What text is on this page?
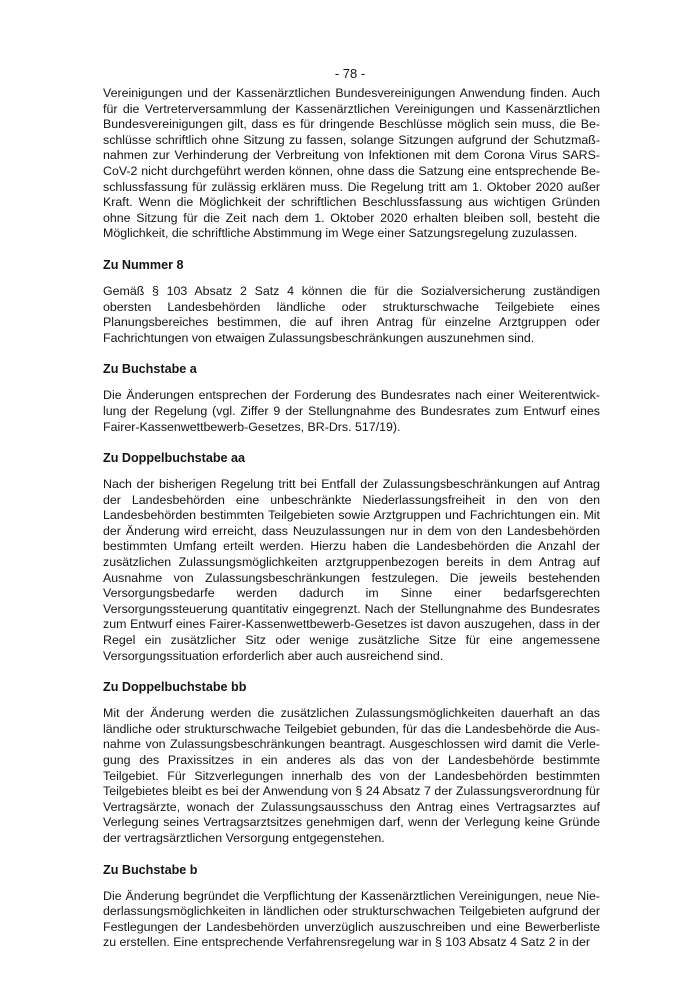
- 78 -

Vereinigungen und der Kassenärztlichen Bundesvereinigungen Anwendung finden. Auch für die Vertreterversammlung der Kassenärztlichen Vereinigungen und Kassenärztlichen Bundesvereinigungen gilt, dass es für dringende Beschlüsse möglich sein muss, die Beschlüsse schriftlich ohne Sitzung zu fassen, solange Sitzungen aufgrund der Schutzmaßnahmen zur Verhinderung der Verbreitung von Infektionen mit dem Corona Virus SARS-CoV-2 nicht durchgeführt werden können, ohne dass die Satzung eine entsprechende Beschlussfassung für zulässig erklären muss. Die Regelung tritt am 1. Oktober 2020 außer Kraft. Wenn die Möglichkeit der schriftlichen Beschlussfassung aus wichtigen Gründen ohne Sitzung für die Zeit nach dem 1. Oktober 2020 erhalten bleiben soll, besteht die Möglichkeit, die schriftliche Abstimmung im Wege einer Satzungsregelung zuzulassen.

Zu Nummer 8

Gemäß § 103 Absatz 2 Satz 4 können die für die Sozialversicherung zuständigen obersten Landesbehörden ländliche oder strukturschwache Teilgebiete eines Planungsbereiches bestimmen, die auf ihren Antrag für einzelne Arztgruppen oder Fachrichtungen von etwaigen Zulassungsbeschränkungen auszunehmen sind.

Zu Buchstabe a

Die Änderungen entsprechen der Forderung des Bundesrates nach einer Weiterentwicklung der Regelung (vgl. Ziffer 9 der Stellungnahme des Bundesrates zum Entwurf eines Fairer-Kassenwettbewerb-Gesetzes, BR-Drs. 517/19).

Zu Doppelbuchstabe aa

Nach der bisherigen Regelung tritt bei Entfall der Zulassungsbeschränkungen auf Antrag der Landesbehörden eine unbeschränkte Niederlassungsfreiheit in den von den Landesbehörden bestimmten Teilgebieten sowie Arztgruppen und Fachrichtungen ein. Mit der Änderung wird erreicht, dass Neuzulassungen nur in dem von den Landesbehörden bestimmten Umfang erteilt werden. Hierzu haben die Landesbehörden die Anzahl der zusätzlichen Zulassungsmöglichkeiten arztgruppenbezogen bereits in dem Antrag auf Ausnahme von Zulassungsbeschränkungen festzulegen. Die jeweils bestehenden Versorgungsbedarfe werden dadurch im Sinne einer bedarfsgerechten Versorgungssteuerung quantitativ eingegrenzt. Nach der Stellungnahme des Bundesrates zum Entwurf eines Fairer-Kassenwettbewerb-Gesetzes ist davon auszugehen, dass in der Regel ein zusätzlicher Sitz oder wenige zusätzliche Sitze für eine angemessene Versorgungssituation erforderlich aber auch ausreichend sind.

Zu Doppelbuchstabe bb

Mit der Änderung werden die zusätzlichen Zulassungsmöglichkeiten dauerhaft an das ländliche oder strukturschwache Teilgebiet gebunden, für das die Landesbehörde die Ausnahme von Zulassungsbeschränkungen beantragt. Ausgeschlossen wird damit die Verlegung des Praxissitzes in ein anderes als das von der Landesbehörde bestimmte Teilgebiet. Für Sitzverlegungen innerhalb des von der Landesbehörden bestimmten Teilgebietes bleibt es bei der Anwendung von § 24 Absatz 7 der Zulassungsverordnung für Vertragsärzte, wonach der Zulassungsausschuss den Antrag eines Vertragsarztes auf Verlegung seines Vertragsarztsitzes genehmigen darf, wenn der Verlegung keine Gründe der vertragsärztlichen Versorgung entgegenstehen.

Zu Buchstabe b

Die Änderung begründet die Verpflichtung der Kassenärztlichen Vereinigungen, neue Niederlassungsmöglichkeiten in ländlichen oder strukturschwachen Teilgebieten aufgrund der Festlegungen der Landesbehörden unverzüglich auszuschreiben und eine Bewerberliste zu erstellen. Eine entsprechende Verfahrensregelung war in § 103 Absatz 4 Satz 2 in der
